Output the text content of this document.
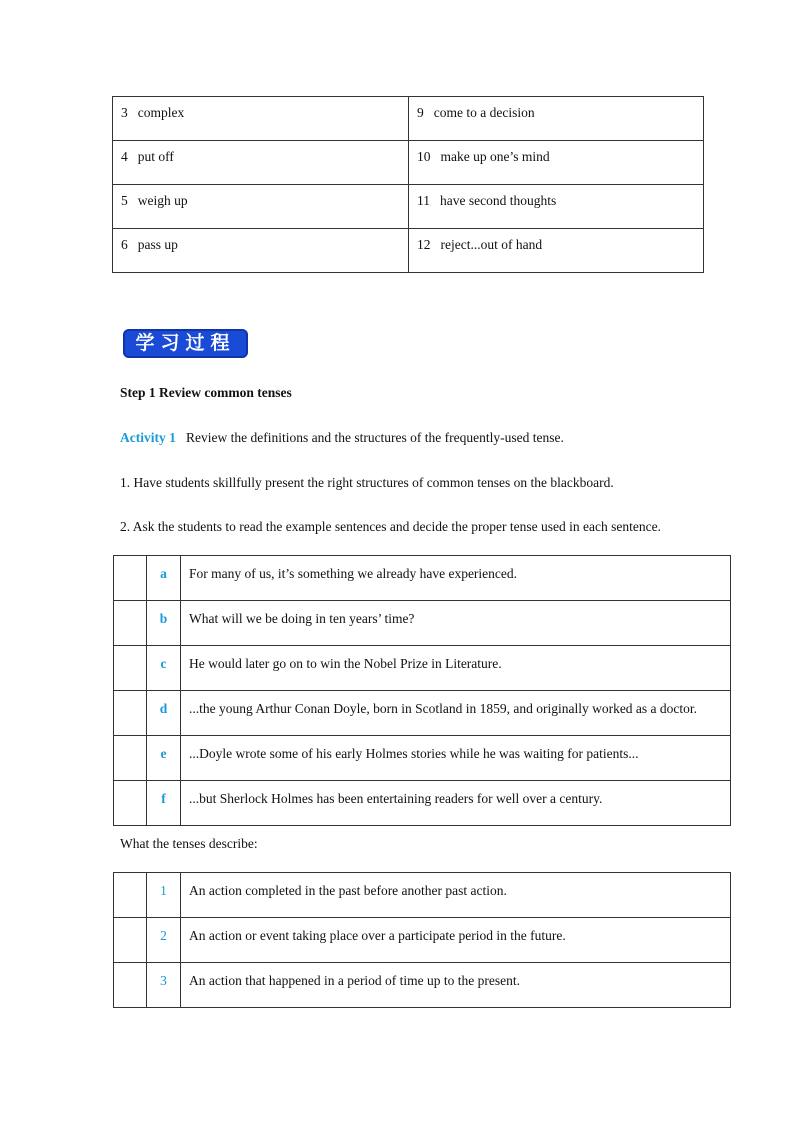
3 complex	9 come to a decision
4 put off	10 make up one’s mind
5 weigh up	11 have second thoughts
6 pass up	12 reject...out of hand
学习过程
Step 1 Review common tenses
Activity 1 Review the definitions and the structures of the frequently-used tense.
1. Have students skillfully present the right structures of common tenses on the blackboard.
2. Ask the students to read the example sentences and decide the proper tense used in each sentence.
	a	For many of us, it’s something we already have experienced.
	b	What will we be doing in ten years’ time?
	c	He would later go on to win the Nobel Prize in Literature.
	d	...the young Arthur Conan Doyle, born in Scotland in 1859, and originally worked as a doctor.
	e	...Doyle wrote some of his early Holmes stories while he was waiting for patients...
	f	...but Sherlock Holmes has been entertaining readers for well over a century.
What the tenses describe:
	1	An action completed in the past before another past action.
	2	An action or event taking place over a participate period in the future.
	3	An action that happened in a period of time up to the present.
